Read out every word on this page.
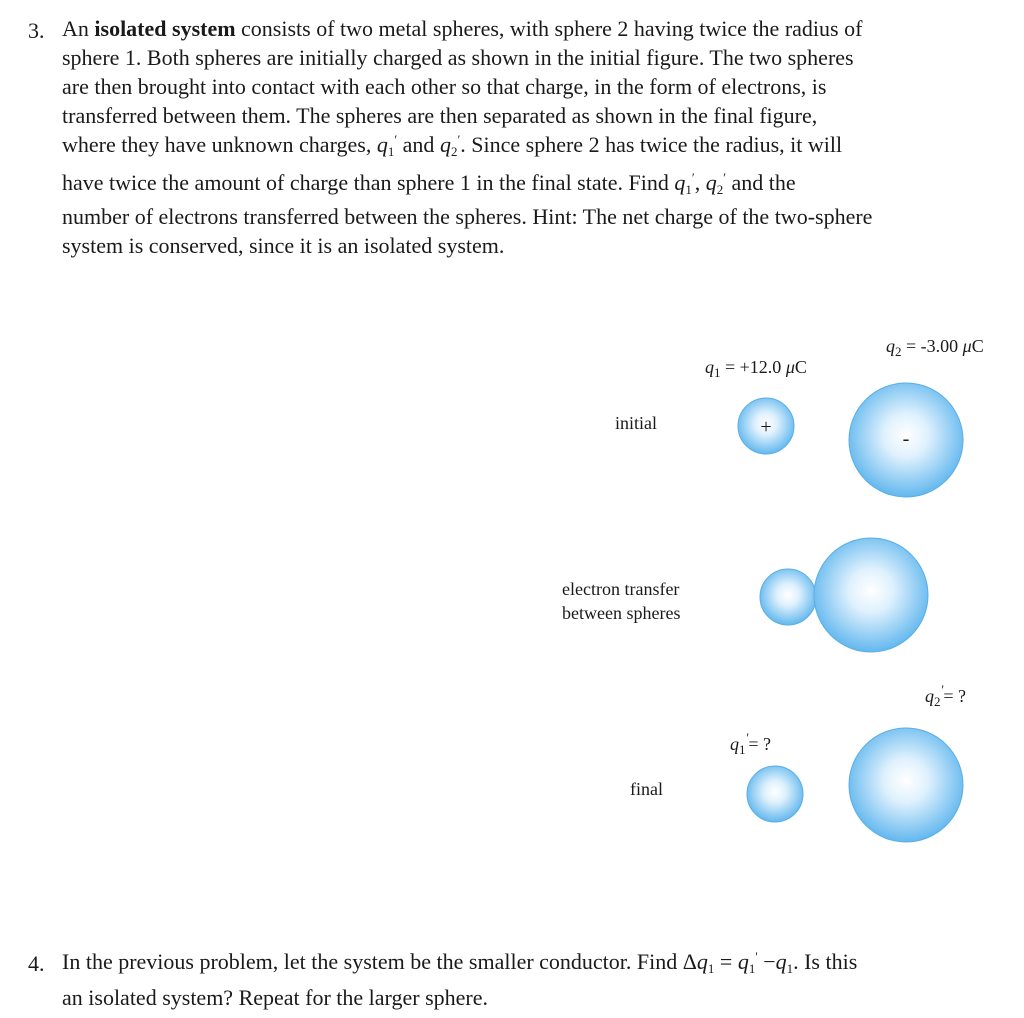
3. An isolated system consists of two metal spheres, with sphere 2 having twice the radius of
sphere 1. Both spheres are initially charged as shown in the initial figure. The two spheres
are then brought into contact with each other so that charge, in the form of electrons, is
transferred between them. The spheres are then separated as shown in the final figure,
where they have unknown charges, $q_1'$ and $q_2'$. Since sphere 2 has twice the radius, it will
have twice the amount of charge than sphere 1 in the final state. Find $q_1'$, $q_2'$ and the
number of electrons transferred between the spheres. Hint: The net charge of the two-sphere
system is conserved, since it is an isolated system.
$q_1 = +12.0$ μC
$q_2 = -3.00$ μC
initial	+
-
electron transfer
between spheres
$q_2'=$ ?
$q_1'=$ ?
final
4. In the previous problem, let the system be the smaller conductor. Find $\Delta q_1 = q_1' -q_1$. Is this
an isolated system? Repeat for the larger sphere.
